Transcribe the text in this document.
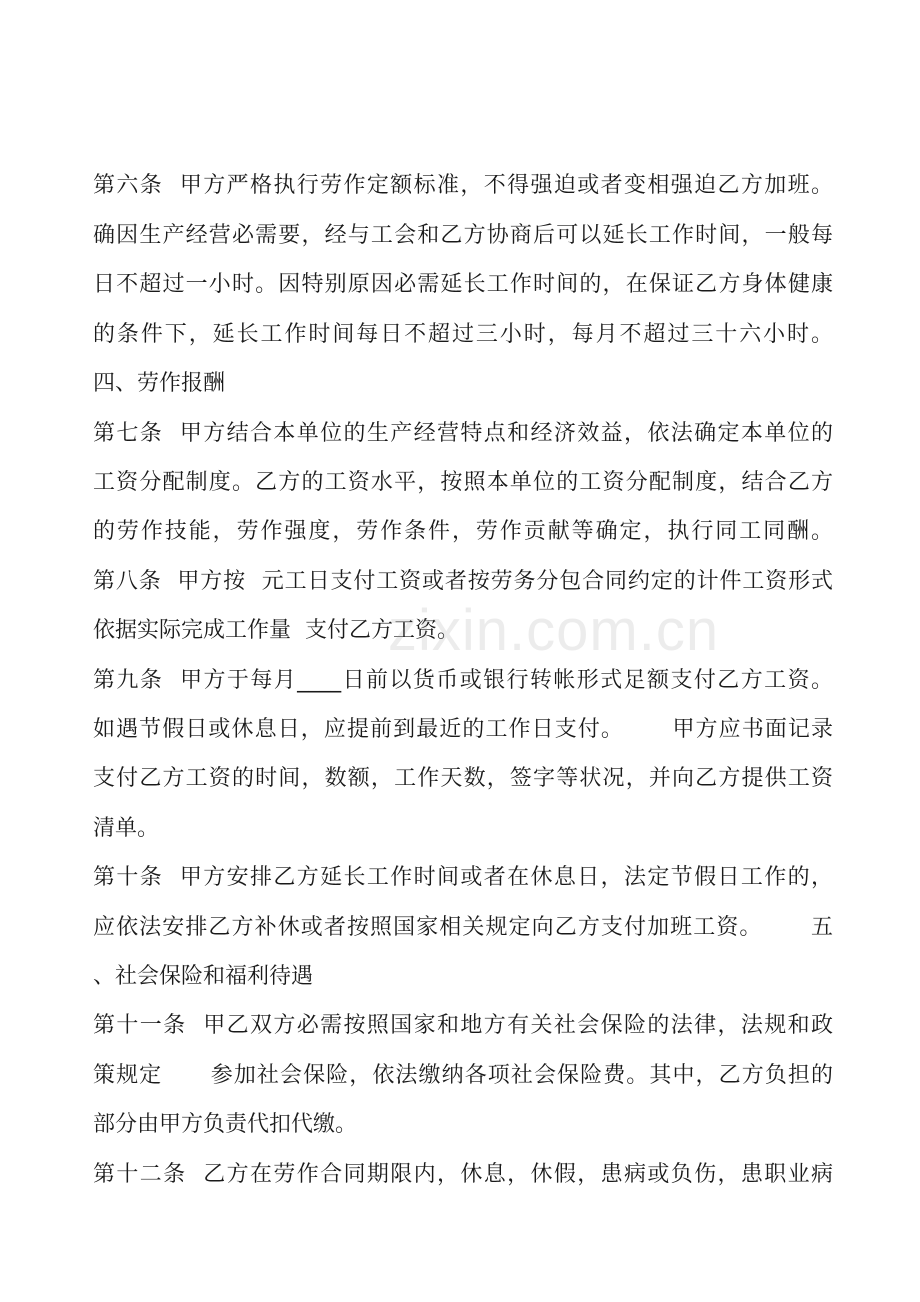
第六条  甲方严格执行劳作定额标准，不得强迫或者变相强迫乙方加班。
确因生产经营必需要，经与工会和乙方协商后可以延长工作时间，一般每
日不超过一小时。因特别原因必需延长工作时间的，在保证乙方身体健康
的条件下，延长工作时间每日不超过三小时，每月不超过三十六小时。
四、劳作报酬
第七条  甲方结合本单位的生产经营特点和经济效益，依法确定本单位的
工资分配制度。乙方的工资水平，按照本单位的工资分配制度，结合乙方
的劳作技能，劳作强度，劳作条件，劳作贡献等确定，执行同工同酬。
第八条  甲方按  元工日支付工资或者按劳务分包合同约定的计件工资形式
依据实际完成工作量  支付乙方工资。
第九条  甲方于每月____日前以货币或银行转帐形式足额支付乙方工资。
如遇节假日或休息日，应提前到最近的工作日支付。      甲方应书面记录
支付乙方工资的时间，数额，工作天数，签字等状况，并向乙方提供工资
清单。
第十条  甲方安排乙方延长工作时间或者在休息日，法定节假日工作的，
应依法安排乙方补休或者按照国家相关规定向乙方支付加班工资。      五
、社会保险和福利待遇
第十一条  甲乙双方必需按照国家和地方有关社会保险的法律，法规和政
策规定      参加社会保险，依法缴纳各项社会保险费。其中，乙方负担的
部分由甲方负责代扣代缴。
第十二条  乙方在劳作合同期限内，休息，休假，患病或负伤，患职业病
zixin.com.cn
